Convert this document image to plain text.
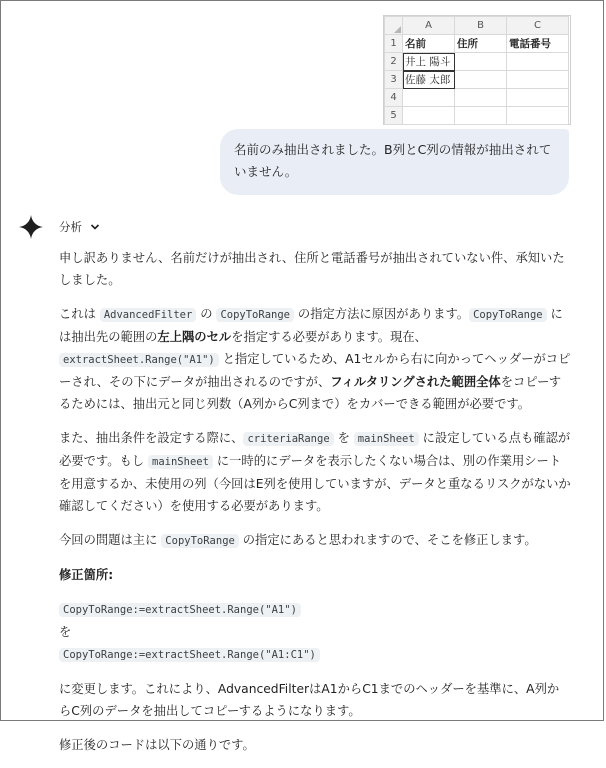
	A	B	C
1	名前	住所	電話番号
2	井上 陽斗		
3	佐藤 太郎		
4			
5			
名前のみ抽出されました。B列とC列の情報が抽出されていません。
分析

申し訳ありません、名前だけが抽出され、住所と電話番号が抽出されていない件、承知いたしました。

これは AdvancedFilter の CopyToRange の指定方法に原因があります。 CopyToRange には抽出先の範囲の左上隅のセルを指定する必要があります。現在、extractSheet.Range("A1") と指定しているため、A1セルから右に向かってヘッダーがコピーされ、その下にデータが抽出されるのですが、フィルタリングされた範囲全体をコピーするためには、抽出元と同じ列数（A列からC列まで）をカバーできる範囲が必要です。

また、抽出条件を設定する際に、 criteriaRange を mainSheet に設定している点も確認が必要です。もし mainSheet に一時的にデータを表示したくない場合は、別の作業用シートを用意するか、未使用の列（今回はE列を使用していますが、データと重なるリスクがないか確認してください）を使用する必要があります。

今回の問題は主に CopyToRange の指定にあると思われますので、そこを修正します。

修正箇所:

CopyToRange:=extractSheet.Range("A1")
を
CopyToRange:=extractSheet.Range("A1:C1")

に変更します。これにより、AdvancedFilterはA1からC1までのヘッダーを基準に、A列からC列のデータを抽出してコピーするようになります。

修正後のコードは以下の通りです。
